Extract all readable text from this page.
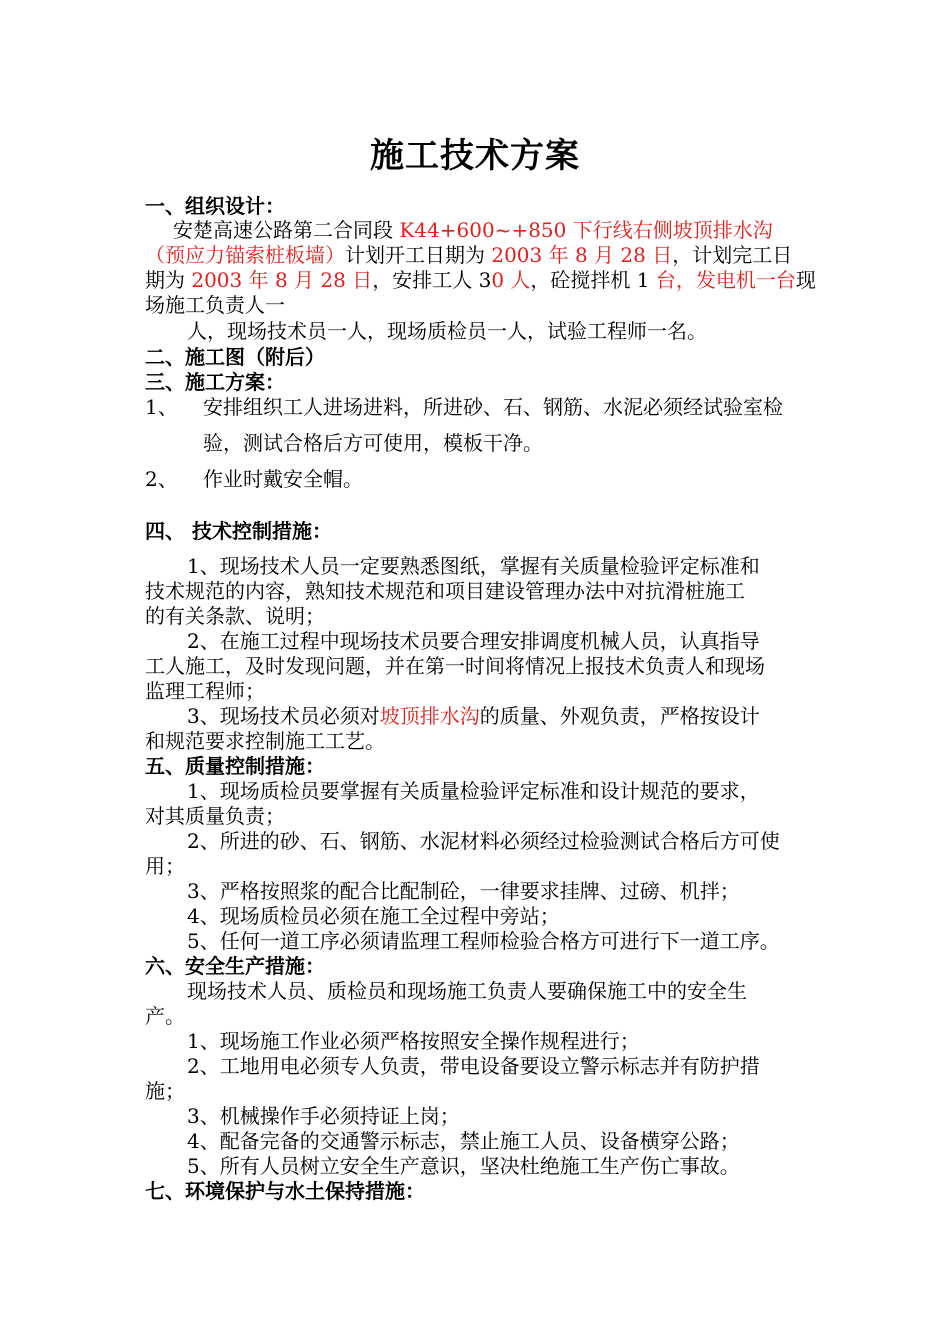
施工技术方案
一、组织设计：
安楚高速公路第二合同段 K44+600~+850 下行线右侧坡顶排水沟
（预应力锚索桩板墙）计划开工日期为 2003 年 8 月 28 日，计划完工日
期为 2003 年 8 月 28 日，安排工人 30 人，砼搅拌机 1 台，发电机一台现
场施工负责人一
人，现场技术员一人，现场质检员一人，试验工程师一名。
二、施工图（附后）
三、施工方案：
1、 安排组织工人进场进料，所进砂、石、钢筋、水泥必须经试验室检
验，测试合格后方可使用，模板干净。
2、 作业时戴安全帽。
四、 技术控制措施：
1、现场技术人员一定要熟悉图纸，掌握有关质量检验评定标准和
技术规范的内容，熟知技术规范和项目建设管理办法中对抗滑桩施工
的有关条款、说明；
2、在施工过程中现场技术员要合理安排调度机械人员，认真指导
工人施工，及时发现问题，并在第一时间将情况上报技术负责人和现场
监理工程师；
3、现场技术员必须对坡顶排水沟的质量、外观负责，严格按设计
和规范要求控制施工工艺。
五、质量控制措施：
1、现场质检员要掌握有关质量检验评定标准和设计规范的要求，
对其质量负责；
2、所进的砂、石、钢筋、水泥材料必须经过检验测试合格后方可使
用；
3、严格按照浆的配合比配制砼，一律要求挂牌、过磅、机拌；
4、现场质检员必须在施工全过程中旁站；
5、任何一道工序必须请监理工程师检验合格方可进行下一道工序。
六、安全生产措施：
现场技术人员、质检员和现场施工负责人要确保施工中的安全生
产。
1、现场施工作业必须严格按照安全操作规程进行；
2、工地用电必须专人负责，带电设备要设立警示标志并有防护措
施；
3、机械操作手必须持证上岗；
4、配备完备的交通警示标志，禁止施工人员、设备横穿公路；
5、所有人员树立安全生产意识，坚决杜绝施工生产伤亡事故。
七、环境保护与水土保持措施：
